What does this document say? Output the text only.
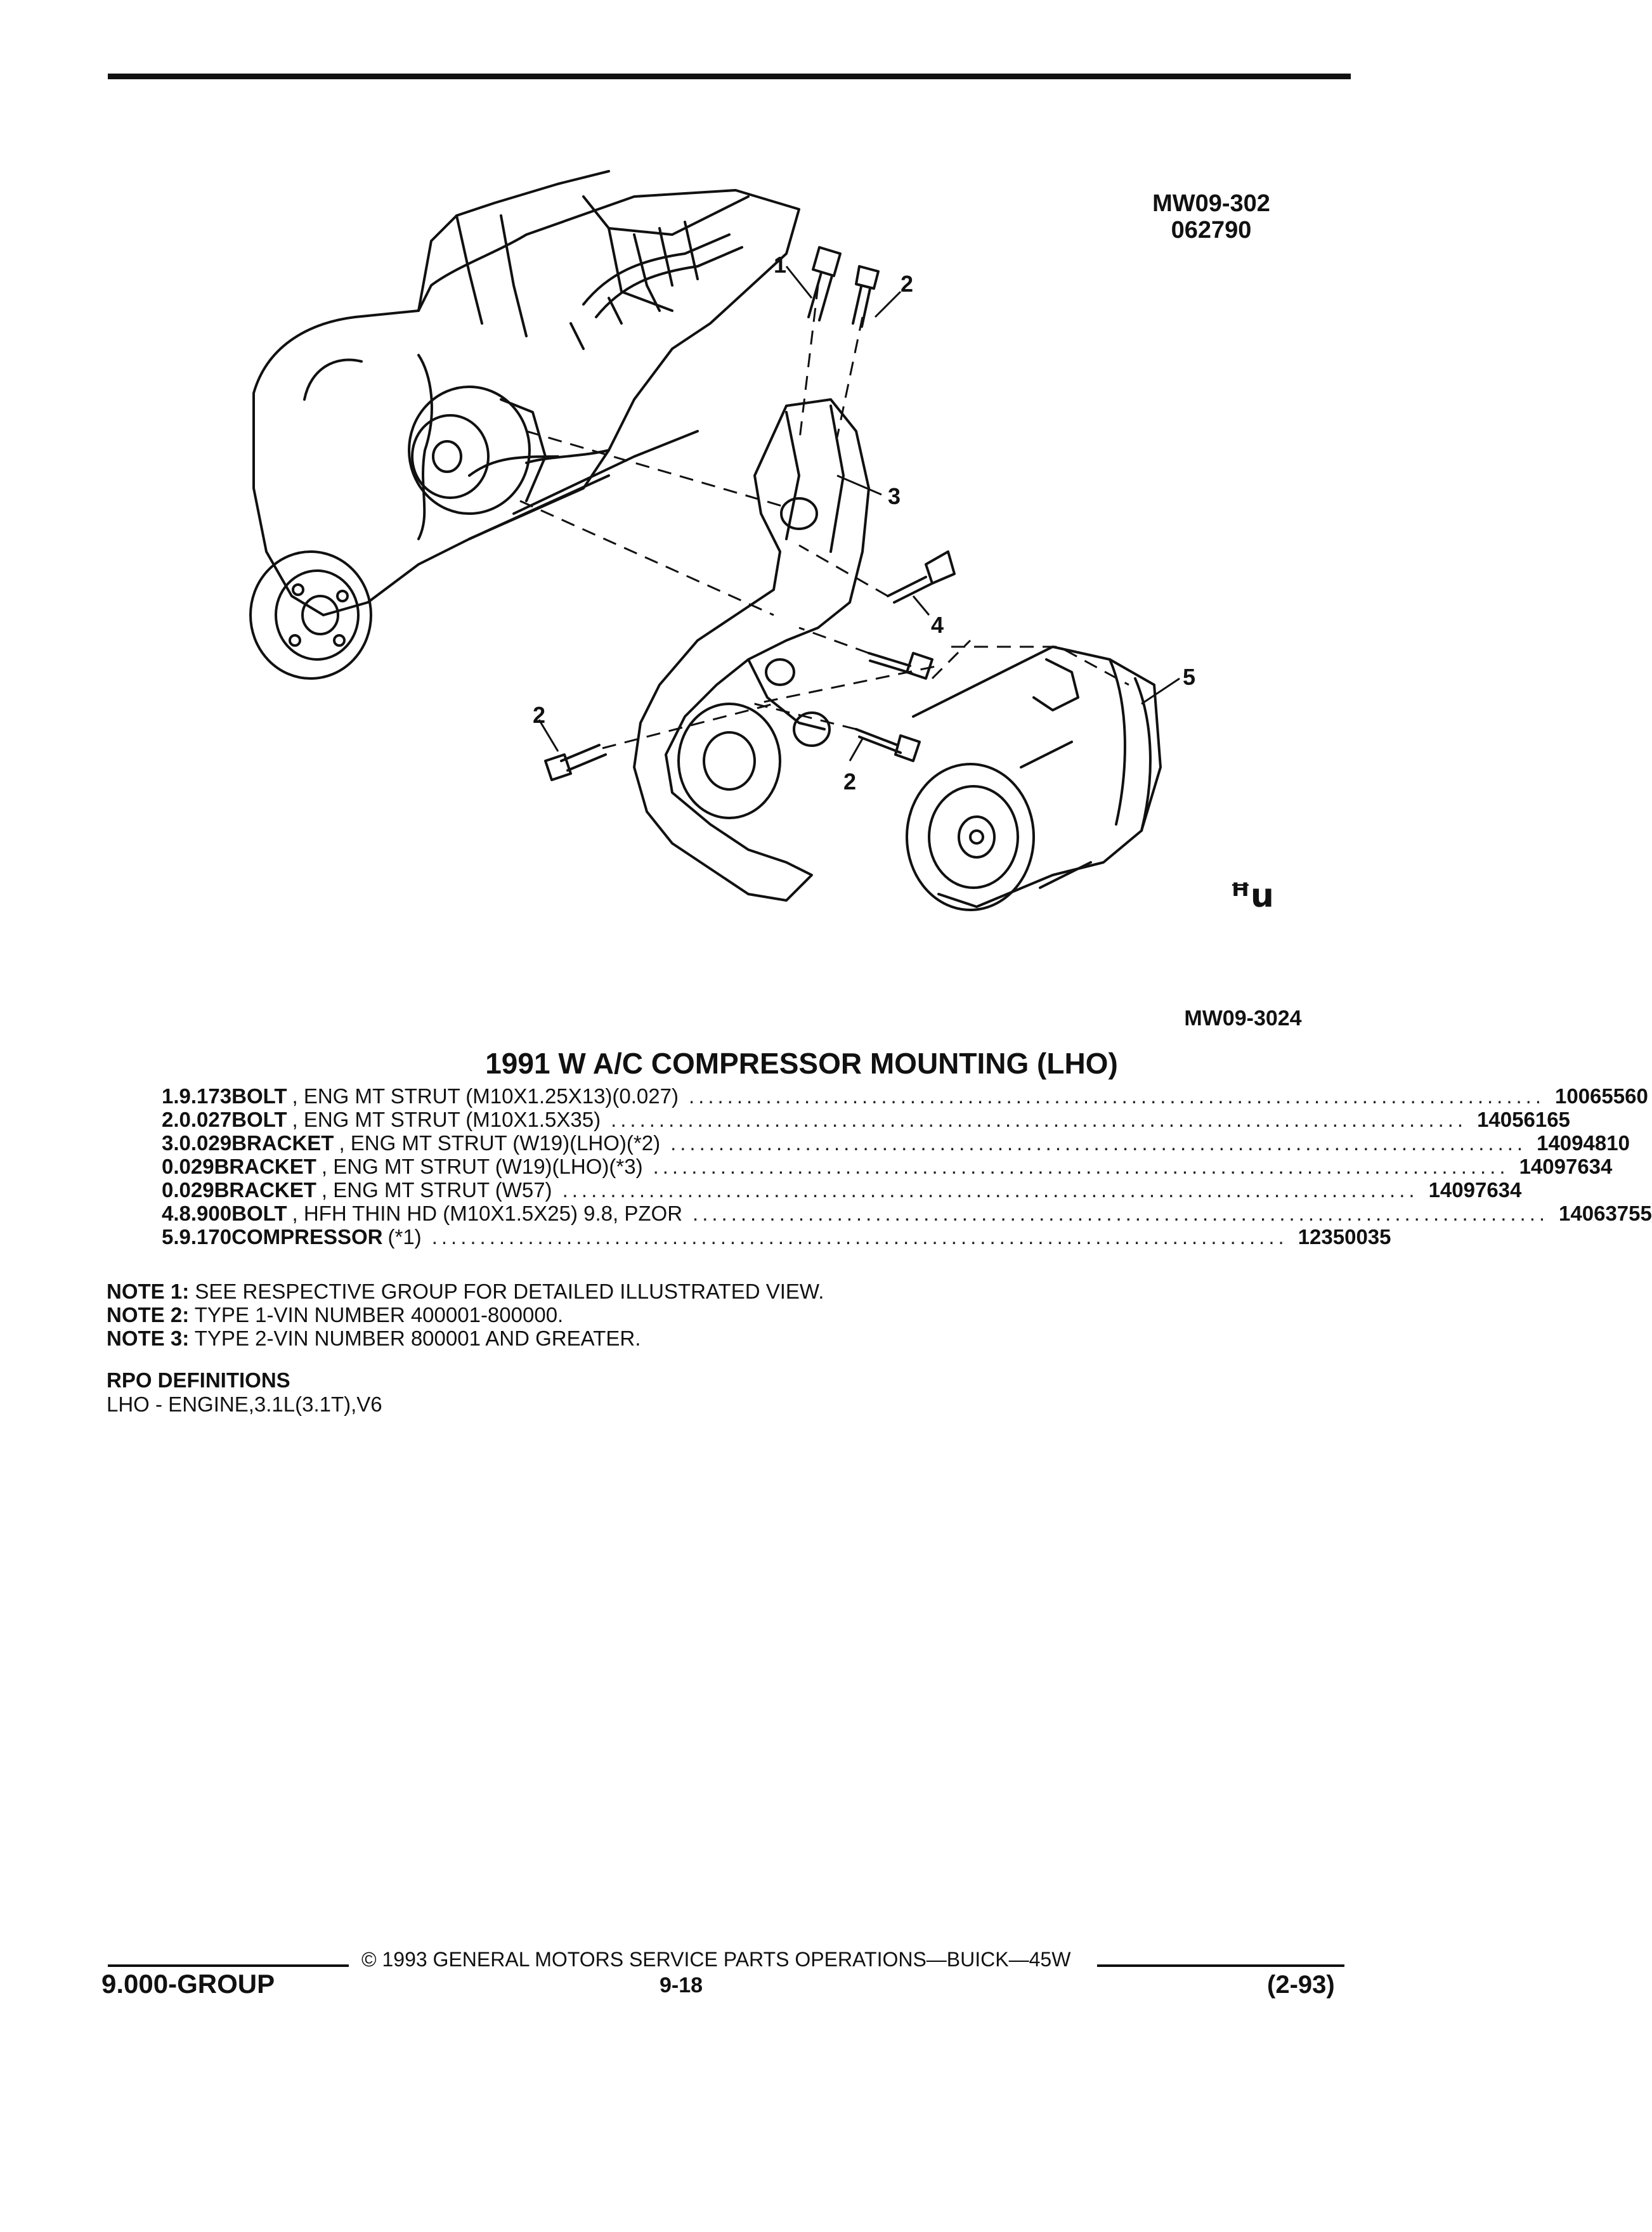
MW09-302
062790
1
2
3
4
5
2
2
ꟸu
MW09-3024
1991 W A/C COMPRESSOR MOUNTING (LHO)
1. 9.173 BOLT , ENG MT STRUT (M10X1.25X13)(0.027) ......................................................................................... 10065560
2. 0.027 BOLT , ENG MT STRUT (M10X1.5X35) ......................................................................................... 14056165
3. 0.029 BRACKET , ENG MT STRUT (W19)(LHO)(*2) ......................................................................................... 14094810
0.029 BRACKET , ENG MT STRUT (W19)(LHO)(*3) ......................................................................................... 14097634
0.029 BRACKET , ENG MT STRUT (W57) ......................................................................................... 14097634
4. 8.900 BOLT , HFH THIN HD (M10X1.5X25) 9.8, PZOR ......................................................................................... 14063755
5. 9.170 COMPRESSOR (*1) ......................................................................................... 12350035
NOTE 1: SEE RESPECTIVE GROUP FOR DETAILED ILLUSTRATED VIEW.
NOTE 2: TYPE 1-VIN NUMBER 400001-800000.
NOTE 3: TYPE 2-VIN NUMBER 800001 AND GREATER.
RPO DEFINITIONS
LHO - ENGINE,3.1L(3.1T),V6
© 1993 GENERAL MOTORS SERVICE PARTS OPERATIONS—BUICK—45W
9.000-GROUP	9-18	(2-93)
